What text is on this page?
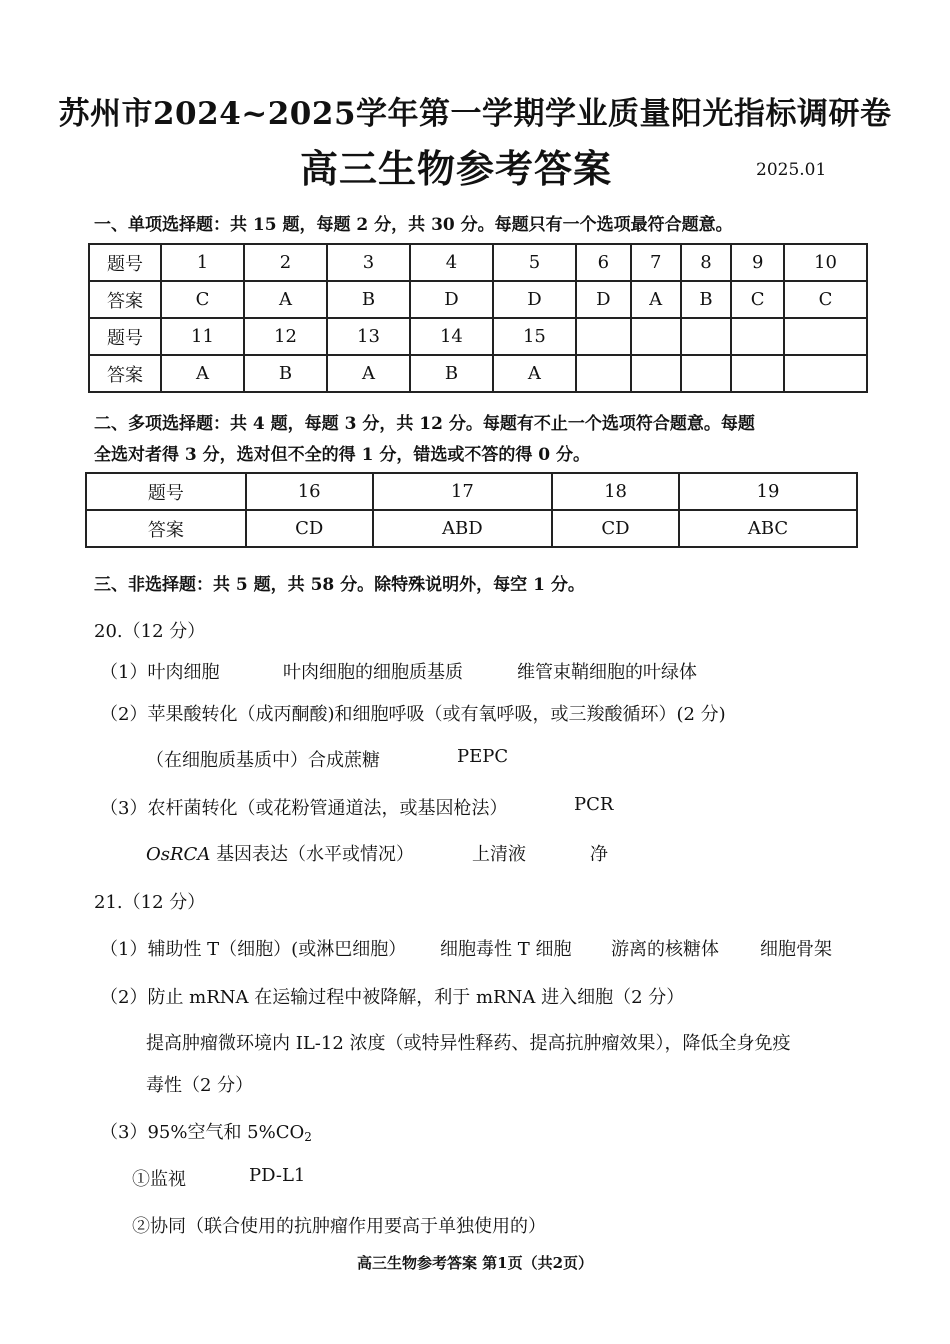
苏州市2024~2025学年第一学期学业质量阳光指标调研卷
高三生物参考答案	2025.01
一、单项选择题：共 15 题，每题 2 分，共 30 分。每题只有一个选项最符合题意。
题号	1	2	3	4	5	6	7	8	9	10
答案	C	A	B	D	D	D	A	B	C	C
题号	11	12	13	14	15					
答案	A	B	A	B	A					
二、多项选择题：共 4 题，每题 3 分，共 12 分。每题有不止一个选项符合题意。每题
全选对者得 3 分，选对但不全的得 1 分，错选或不答的得 0 分。
题号	16	17	18	19
答案	CD	ABD	CD	ABC
三、非选择题：共 5 题，共 58 分。除特殊说明外，每空 1 分。
20.（12 分）
（1）叶肉细胞	叶肉细胞的细胞质基质	维管束鞘细胞的叶绿体
（2）苹果酸转化（成丙酮酸)和细胞呼吸（或有氧呼吸，或三羧酸循环）(2 分)
（在细胞质基质中）合成蔗糖	PEPC
（3）农杆菌转化（或花粉管通道法，或基因枪法）	PCR
OsRCA 基因表达（水平或情况）	上清液	净
21.（12 分）
（1）辅助性 T（细胞）(或淋巴细胞） 细胞毒性 T 细胞 游离的核糖体 细胞骨架
（2）防止 mRNA 在运输过程中被降解，利于 mRNA 进入细胞（2 分）
提高肿瘤微环境内 IL-12 浓度（或特异性释药、提高抗肿瘤效果），降低全身免疫
毒性（2 分）
（3）95%空气和 $5\%CO_2$
①监视	PD-L1
②协同（联合使用的抗肿瘤作用要高于单独使用的）
高三生物参考答案 第1页（共2页）
